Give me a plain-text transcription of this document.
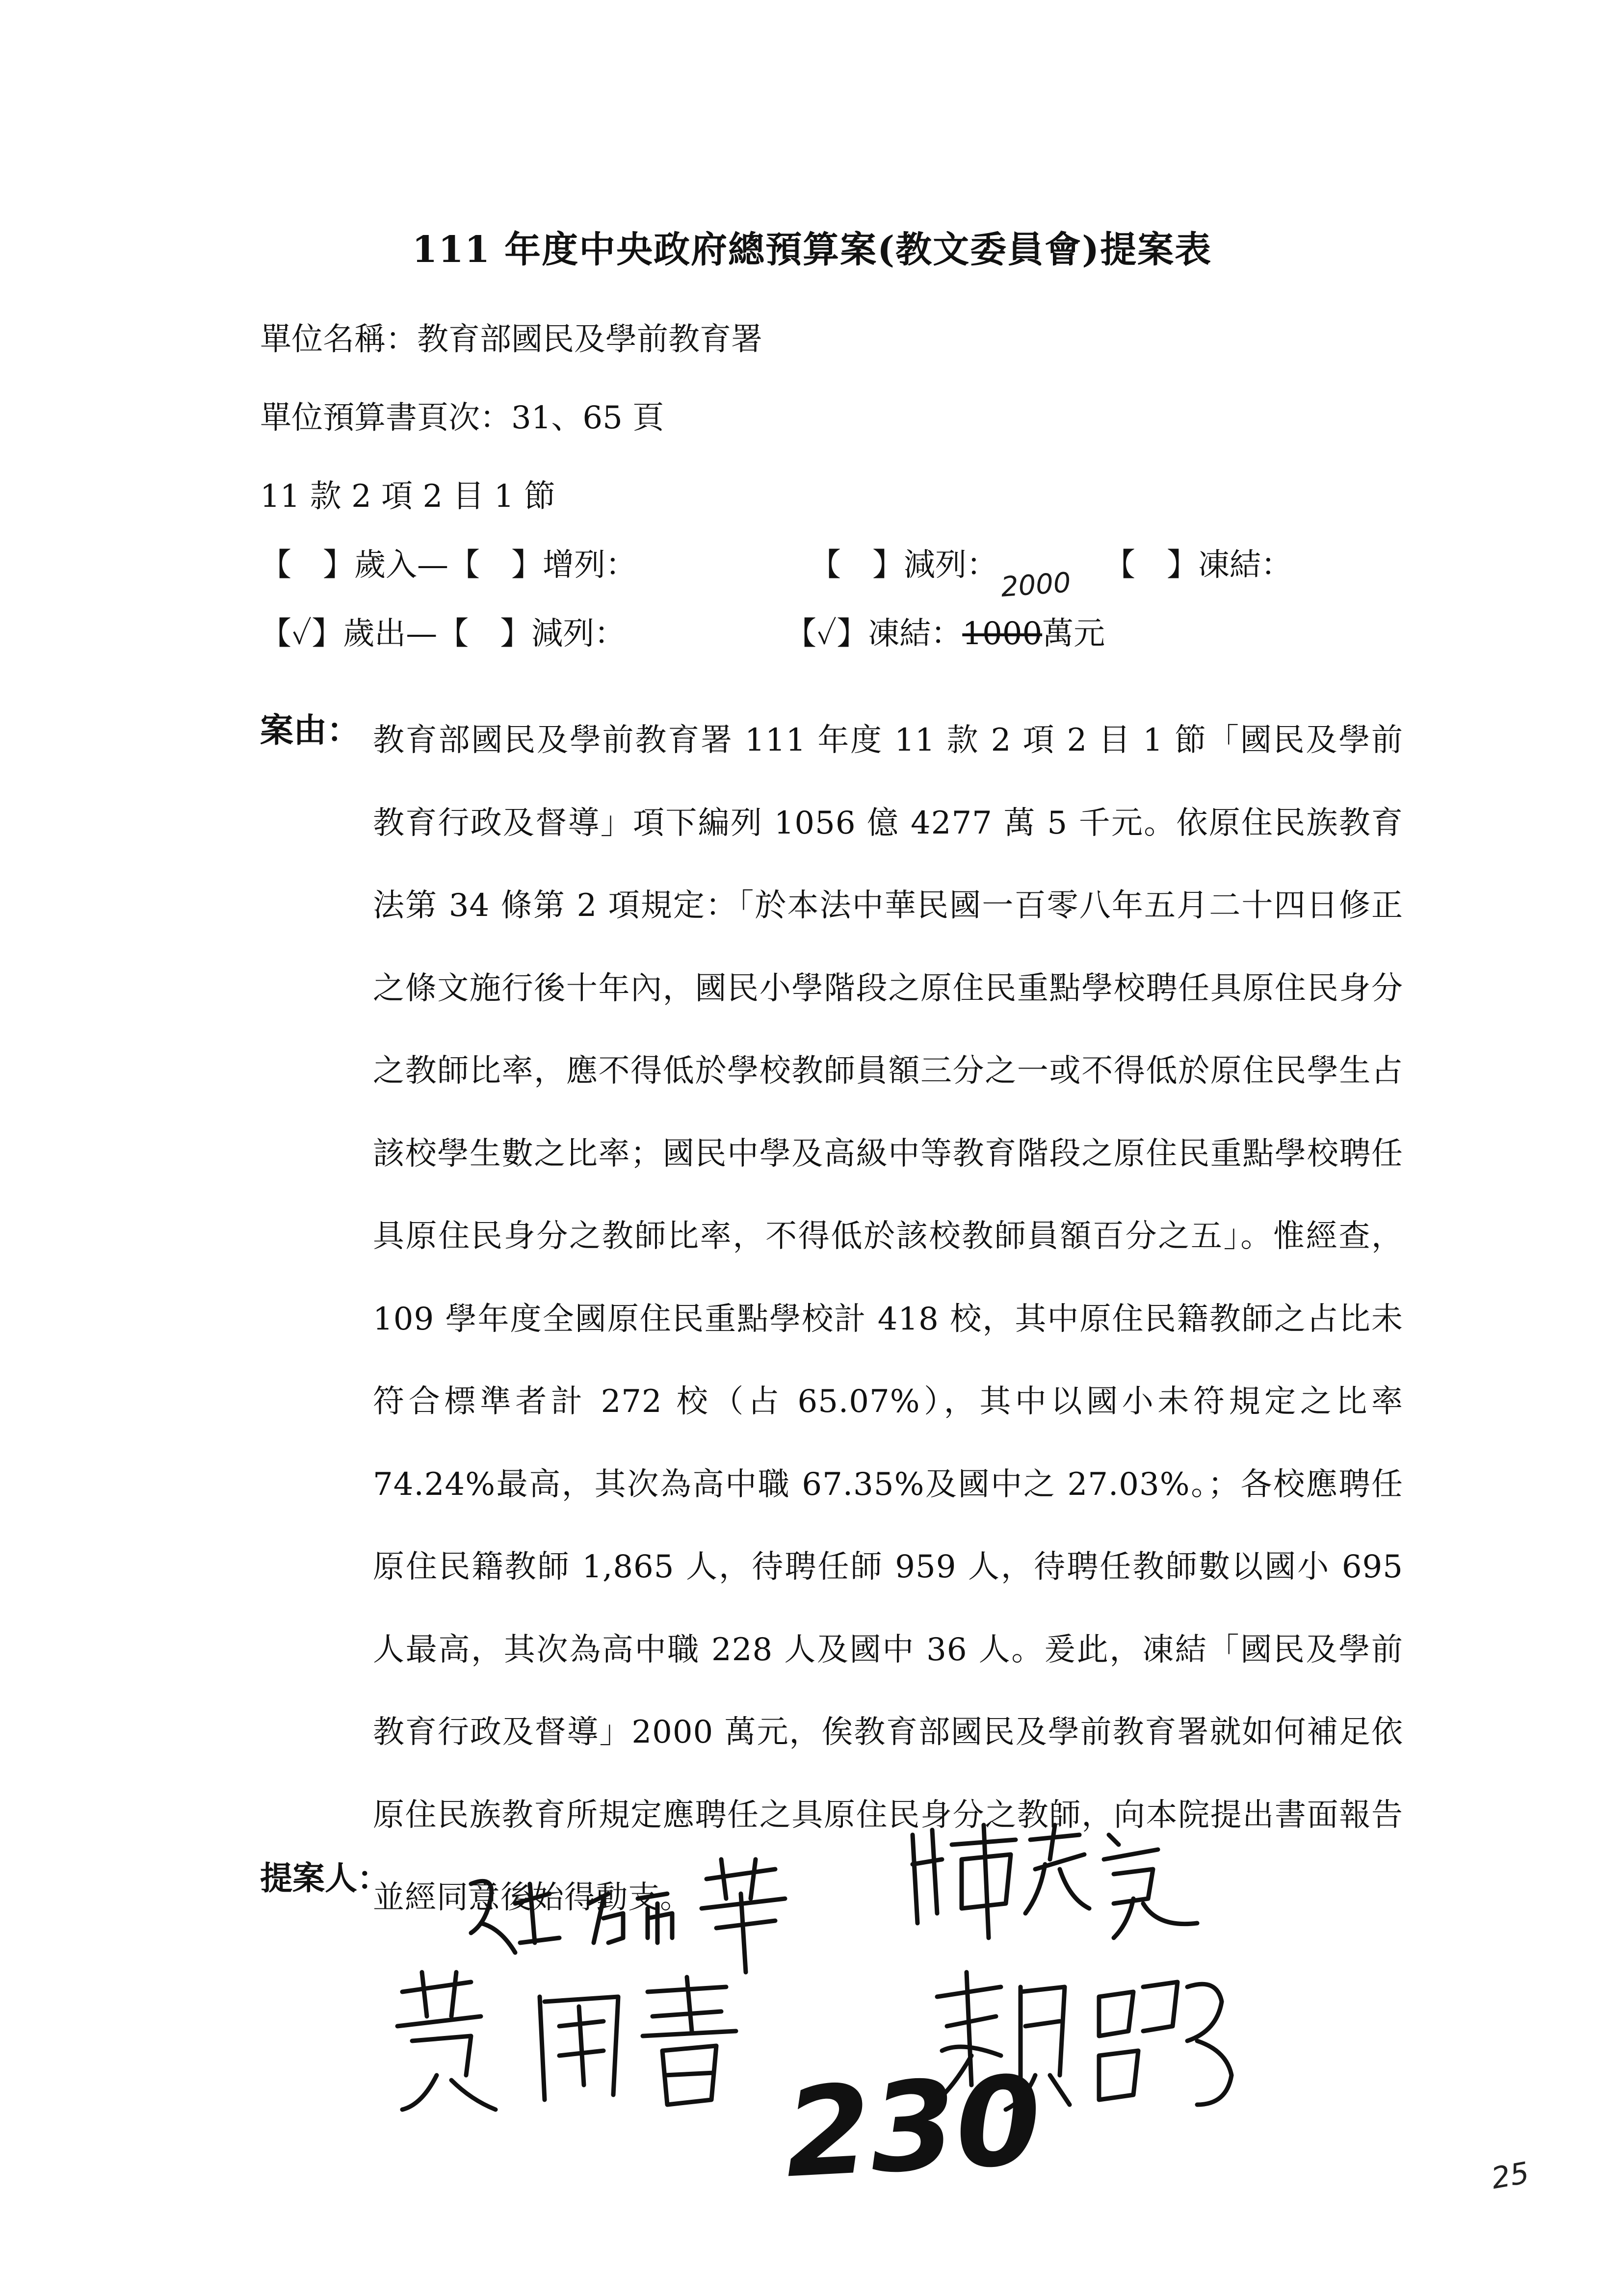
111 年度中央政府總預算案(教文委員會)提案表
單位名稱：教育部國民及學前教育署
單位預算書頁次：31、65 頁
11 款 2 項 2 目 1 節
【　】歲入—【　】增列：	【　】減列：	【　】凍結：
2000
【✓】歲出—【　】減列：	【✓】凍結：1000萬元
案由： 教育部國民及學前教育署 111 年度 11 款 2 項 2 目 1 節「國民及學前教育行政及督導」項下編列 1056 億 4277 萬 5 千元。依原住民族教育法第 34 條第 2 項規定：「於本法中華民國一百零八年五月二十四日修正之條文施行後十年內，國民小學階段之原住民重點學校聘任具原住民身分之教師比率，應不得低於學校教師員額三分之一或不得低於原住民學生占該校學生數之比率；國民中學及高級中等教育階段之原住民重點學校聘任具原住民身分之教師比率，不得低於該校教師員額百分之五」。惟經查，109 學年度全國原住民重點學校計 418 校，其中原住民籍教師之占比未符合標準者計 272 校（占 65.07%），其中以國小未符規定之比率 74.24%最高，其次為高中職 67.35%及國中之 27.03%。；各校應聘任原住民籍教師 1,865 人，待聘任師 959 人，待聘任教師數以國小 695 人最高，其次為高中職 228 人及國中 36 人。爰此，凍結「國民及學前教育行政及督導」2000 萬元，俟教育部國民及學前教育署就如何補足依原住民族教育所規定應聘任之具原住民身分之教師，向本院提出書面報告並經同意後始得動支。
提案人：
230	25
